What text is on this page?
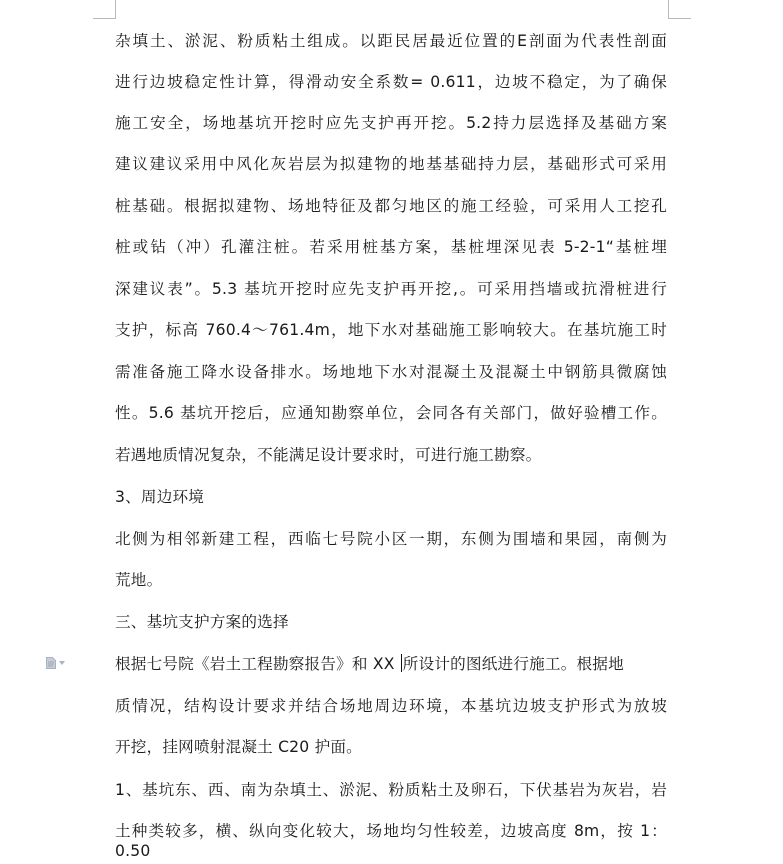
杂填土、淤泥、粉质粘土组成。以距民居最近位置的E剖面为代表性剖面
进行边坡稳定性计算，得滑动安全系数= 0.611，边坡不稳定，为了确保
施工安全，场地基坑开挖时应先支护再开挖。5.2持力层选择及基础方案
建议建议采用中风化灰岩层为拟建物的地基基础持力层，基础形式可采用
桩基础。根据拟建物、场地特征及都匀地区的施工经验，可采用人工挖孔
桩或钻（冲）孔灌注桩。若采用桩基方案，基桩埋深见表 5-2-1“基桩埋
深建议表”。5.3 基坑开挖时应先支护再开挖,。可采用挡墙或抗滑桩进行
支护，标高 760.4～761.4m，地下水对基础施工影响较大。在基坑施工时
需准备施工降水设备排水。场地地下水对混凝土及混凝土中钢筋具微腐蚀
性。5.6 基坑开挖后，应通知勘察单位，会同各有关部门，做好验槽工作。
若遇地质情况复杂，不能满足设计要求时，可进行施工勘察。
3、周边环境
北侧为相邻新建工程，西临七号院小区一期，东侧为围墙和果园，南侧为
荒地。
三、基坑支护方案的选择
根据七号院《岩土工程勘察报告》和 XX 所设计的图纸进行施工。根据地
质情况，结构设计要求并结合场地周边环境，本基坑边坡支护形式为放坡
开挖，挂网喷射混凝土 C20 护面。
1、基坑东、西、南为杂填土、淤泥、粉质粘土及卵石，下伏基岩为灰岩，岩
土种类较多，横、纵向变化较大，场地均匀性较差，边坡高度 8m，按 1：0.50
